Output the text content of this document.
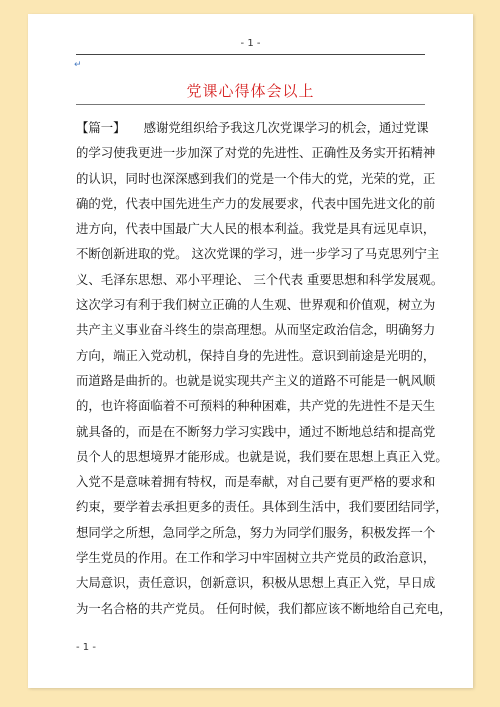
- 1 -
↵
党课心得体会以上
【篇一】 感谢党组织给予我这几次党课学习的机会，通过党课
的学习使我更进一步加深了对党的先进性、正确性及务实开拓精神
的认识，同时也深深感到我们的党是一个伟大的党，光荣的党，正
确的党，代表中国先进生产力的发展要求，代表中国先进文化的前
进方向，代表中国最广大人民的根本利益。我党是具有远见卓识，
不断创新进取的党。 这次党课的学习，进一步学习了马克思列宁主
义、毛泽东思想、邓小平理论、 三个代表 重要思想和科学发展观。
这次学习有利于我们树立正确的人生观、世界观和价值观，树立为
共产主义事业奋斗终生的崇高理想。从而坚定政治信念，明确努力
方向，端正入党动机，保持自身的先进性。意识到前途是光明的，
而道路是曲折的。也就是说实现共产主义的道路不可能是一帆风顺
的，也许将面临着不可预料的种种困难，共产党的先进性不是天生
就具备的，而是在不断努力学习实践中，通过不断地总结和提高党
员个人的思想境界才能形成。也就是说，我们要在思想上真正入党。
入党不是意味着拥有特权，而是奉献，对自己要有更严格的要求和
约束，要学着去承担更多的责任。具体到生活中，我们要团结同学，
想同学之所想，急同学之所急，努力为同学们服务，积极发挥一个
学生党员的作用。在工作和学习中牢固树立共产党员的政治意识，
大局意识，责任意识，创新意识，积极从思想上真正入党，早日成
为一名合格的共产党员。 任何时候，我们都应该不断地给自己充电，
- 1 -
